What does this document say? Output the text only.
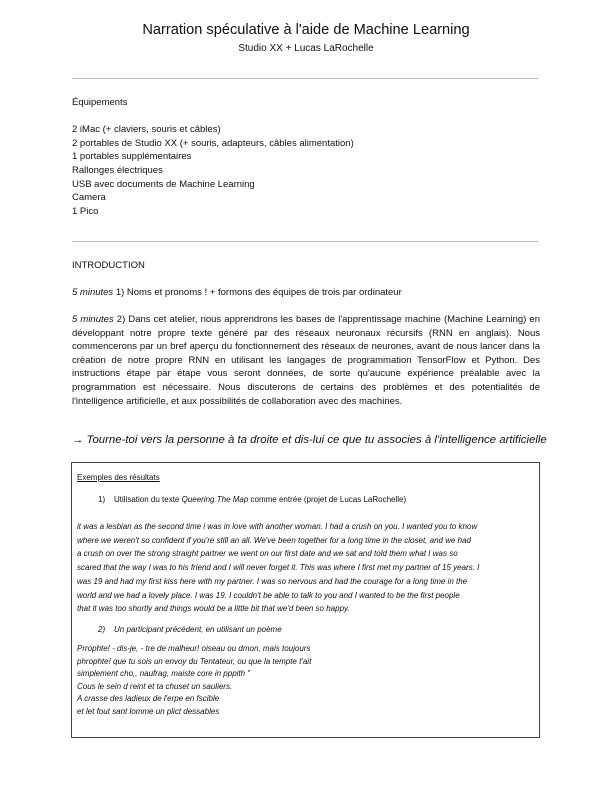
Narration spéculative à l'aide de Machine Learning
Studio XX + Lucas LaRochelle
Équipements
2 iMac (+ claviers, souris et câbles)
2 portables de Studio XX (+ souris, adapteurs, câbles alimentation)
1 portables supplémentaires
Rallonges électriques
USB avec documents de Machine Learning
Camera
1 Pico
INTRODUCTION
5 minutes 1) Noms et pronoms ! + formons des équipes de trois par ordinateur
5 minutes 2) Dans cet atelier, nous apprendrons les bases de l'apprentissage machine (Machine Learning) en développant notre propre texte généré par des réseaux neuronaux récursifs (RNN en anglais). Nous commencerons par un bref aperçu du fonctionnement des réseaux de neurones, avant de nous lancer dans la création de notre propre RNN en utilisant les langages de programmation TensorFlow et Python. Des instructions étape par étape vous seront données, de sorte qu'aucune expérience préalable avec la programmation est nécessaire. Nous discuterons de certains des problèmes et des potentialités de l'intelligence artificielle, et aux possibilités de collaboration avec des machines.
→ Tourne-toi vers la personne à ta droite et dis-lui ce que tu associes à l'intelligence artificielle
Exemples des résultats
1) Utilisation du texte Queering The Map comme entrée (projet de Lucas LaRochelle)
it was a lesbian as the second time i was in love with another woman. I had a crush on you. I wanted you to know
where we weren't so confident if you're still an all. We've been together for a long time in the closet, and we had
a crush on over the strong straight partner we went on our first date and we sat and told them what I was so
scared that the way I was to his friend and I will never forget it. This was where I first met my partner of 15 years. I
was 19 and had my first kiss here with my partner. I was so nervous and had the courage for a long time in the
world and we had a lovely place. I was 19. I couldn't be able to talk to you and I wanted to be the first people
that it was too shortly and things would be a little bit that we'd been so happy.
2) Un participant précédent, en utilisant un poème
Prrophte! - dis-je, - tre de malheur! oiseau ou dmon, mais toujours
phrophte! que tu sois un envoy du Tentateur, ou que la tempte t'ait
simplement cho,, naufrag, maiste core in pppith "
Cous le sein d reint et ta chuset un sauliers.
A crasse des ladieux de l'erpe en fscible
et let fout sant lomme un plict dessables
